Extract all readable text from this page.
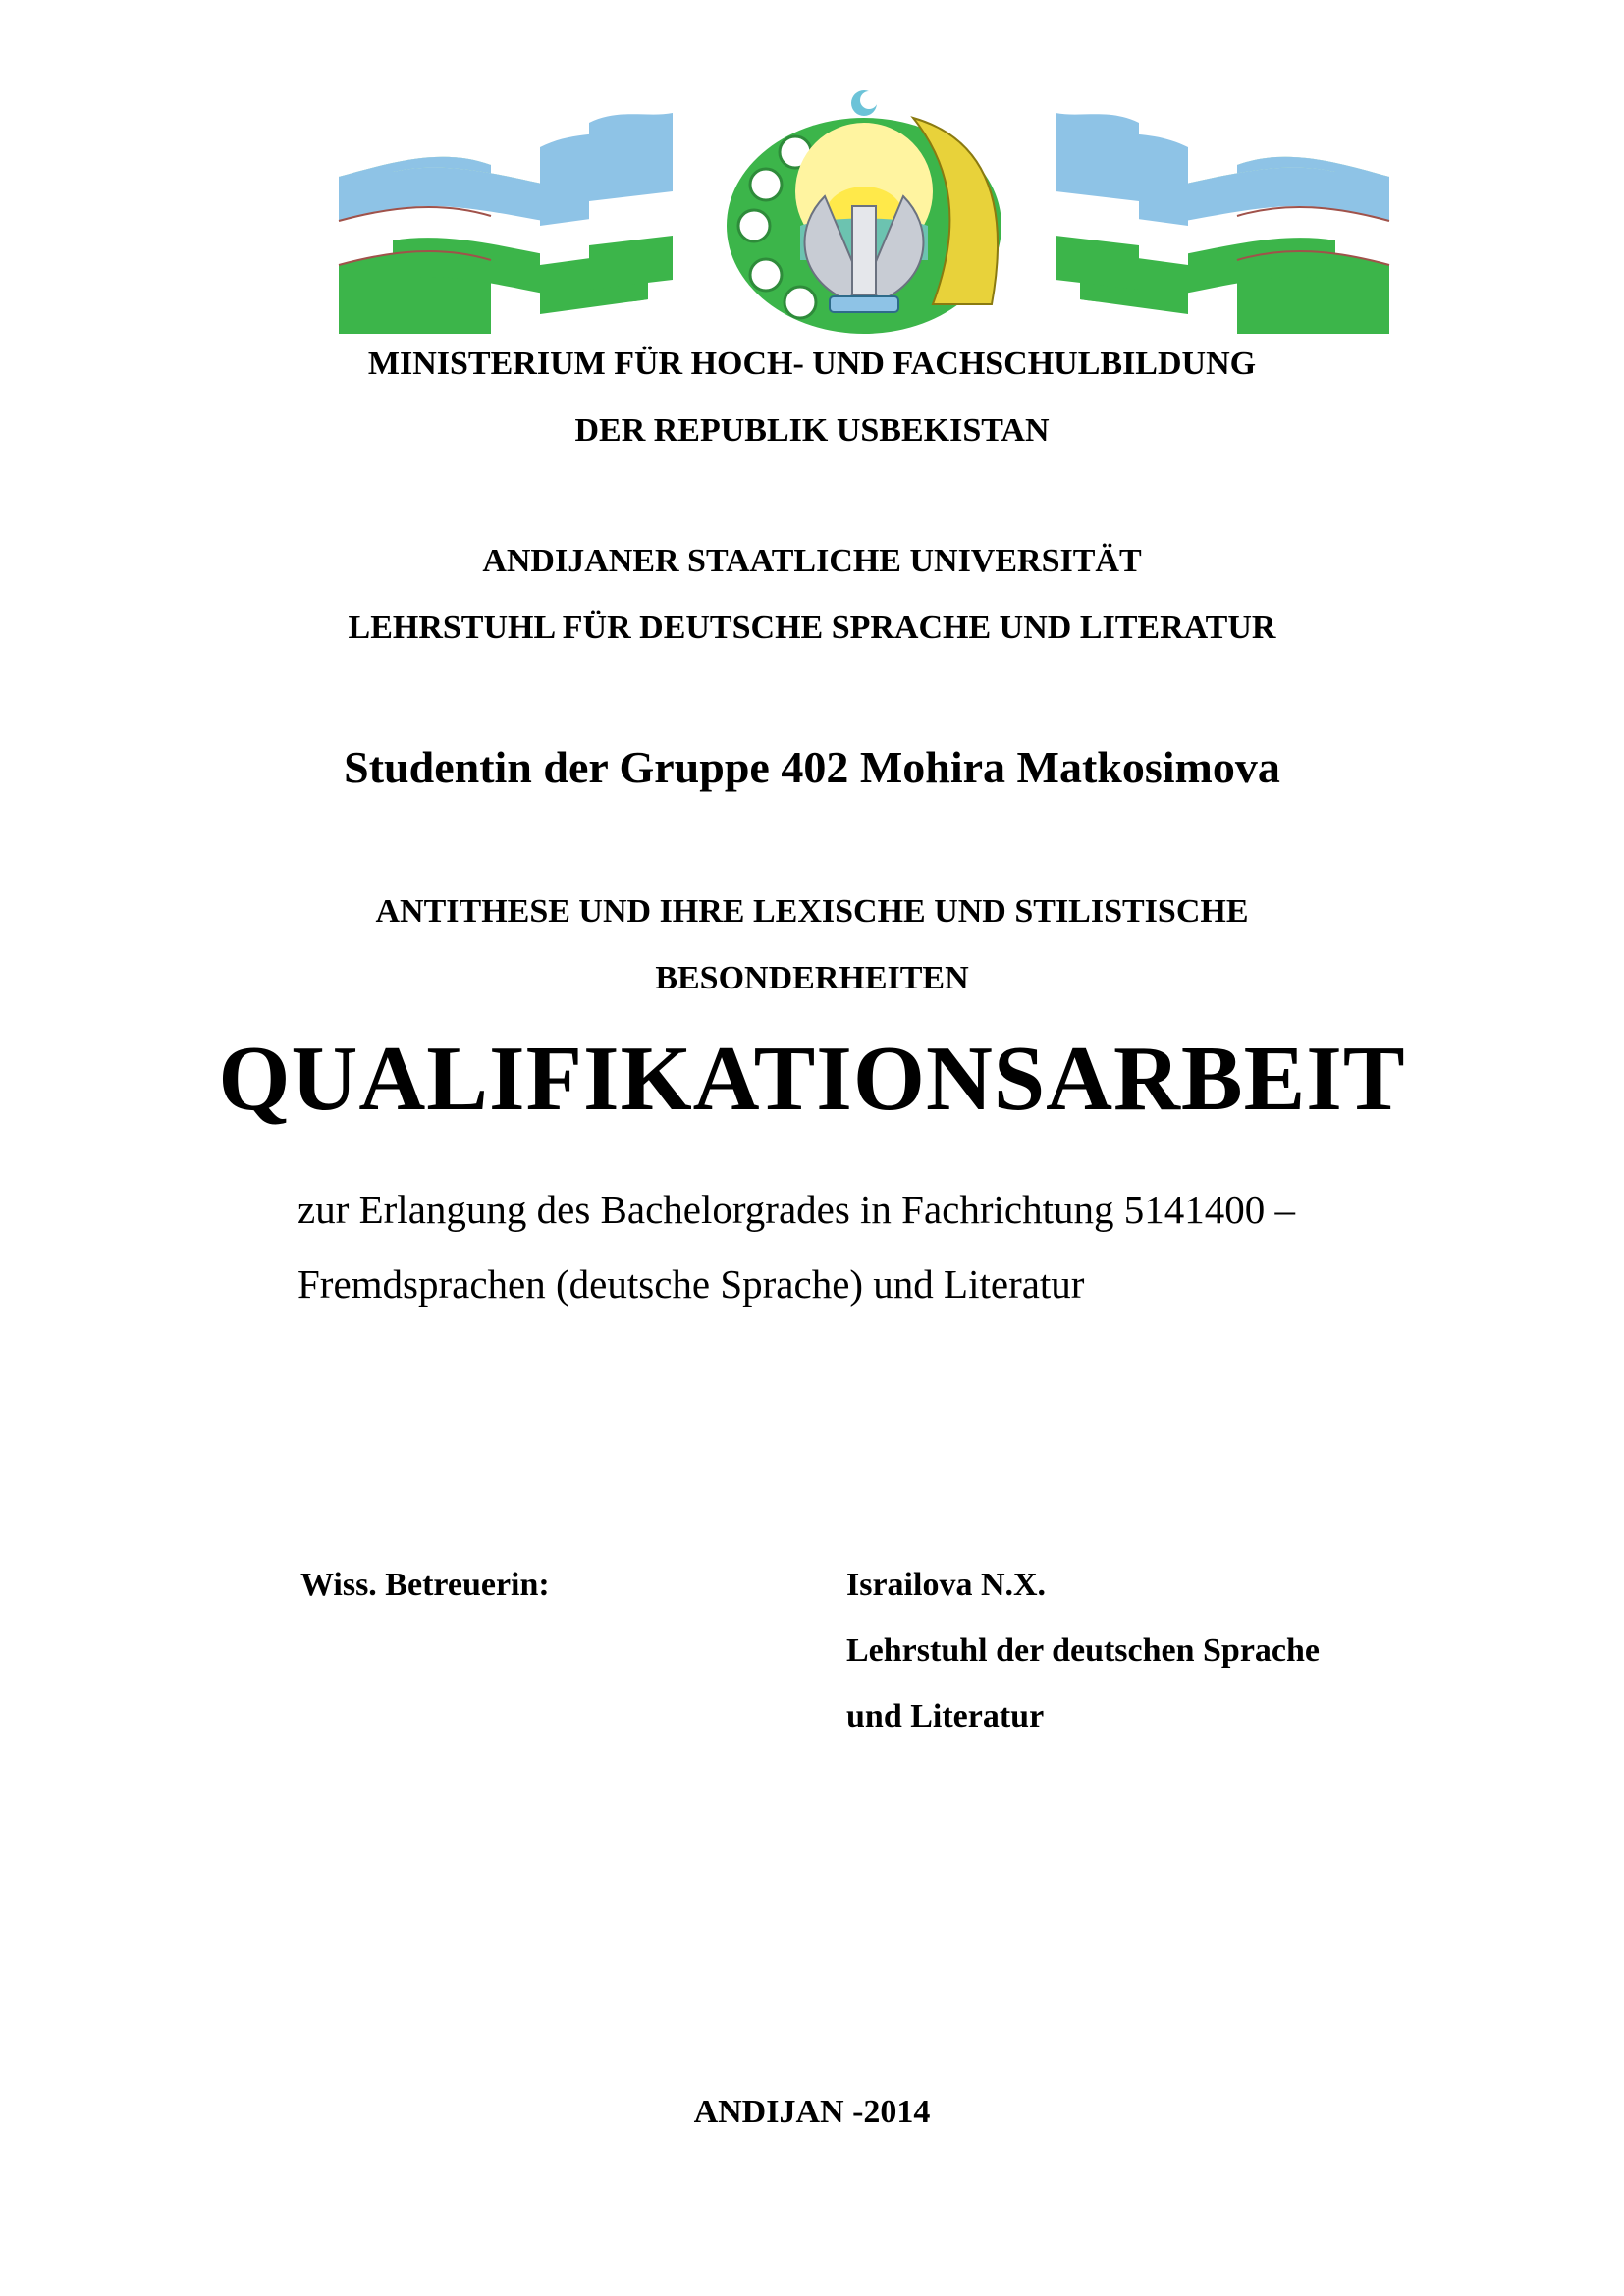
MINISTERIUM FÜR HOCH- UND FACHSCHULBILDUNG
DER REPUBLIK USBEKISTAN
ANDIJANER STAATLICHE UNIVERSITÄT
LEHRSTUHL FÜR DEUTSCHE SPRACHE UND LITERATUR
Studentin der Gruppe 402 Mohira Matkosimova
ANTITHESE UND IHRE LEXISCHE UND STILISTISCHE
BESONDERHEITEN
QUALIFIKATIONSARBEIT
zur Erlangung des Bachelorgrades in Fachrichtung 5141400 –
Fremdsprachen (deutsche Sprache) und Literatur
Wiss. Betreuerin:	Israilova N.X.
Lehrstuhl der deutschen Sprache
und Literatur
ANDIJAN -2014
